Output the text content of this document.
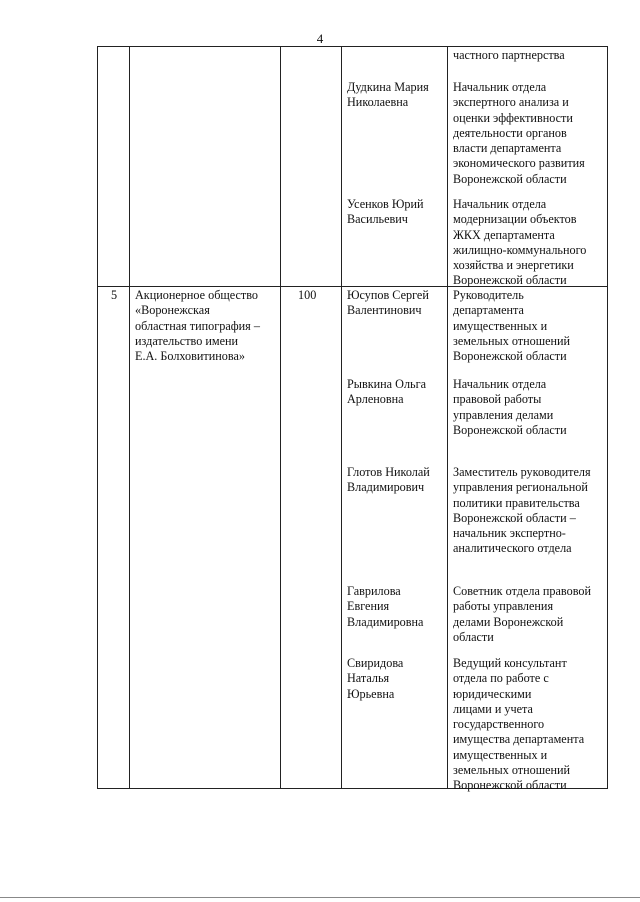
4
частного партнерства
Дудкина Мария
Николаевна
Начальник отдела
экспертного анализа и
оценки эффективности
деятельности органов
власти департамента
экономического развития
Воронежской области
Усенков Юрий
Васильевич
Начальник отдела
модернизации объектов
ЖКХ департамента
жилищно-коммунального
хозяйства и энергетики
Воронежской области
5 Акционерное общество
«Воронежская
областная типография –
издательство имени
Е.А. Болховитинова»
100	Юсупов Сергей
Валентинович
Руководитель
департамента
имущественных и
земельных отношений
Воронежской области
Рывкина Ольга
Арленовна
Начальник отдела
правовой работы
управления делами
Воронежской области
Глотов Николай
Владимирович
Заместитель руководителя
управления региональной
политики правительства
Воронежской области –
начальник экспертно-
аналитического отдела
Гаврилова
Евгения
Владимировна
Советник отдела правовой
работы управления
делами Воронежской
области
Свиридова
Наталья
Юрьевна
Ведущий консультант
отдела по работе с
юридическими
лицами и учета
государственного
имущества департамента
имущественных и
земельных отношений
Воронежской области
